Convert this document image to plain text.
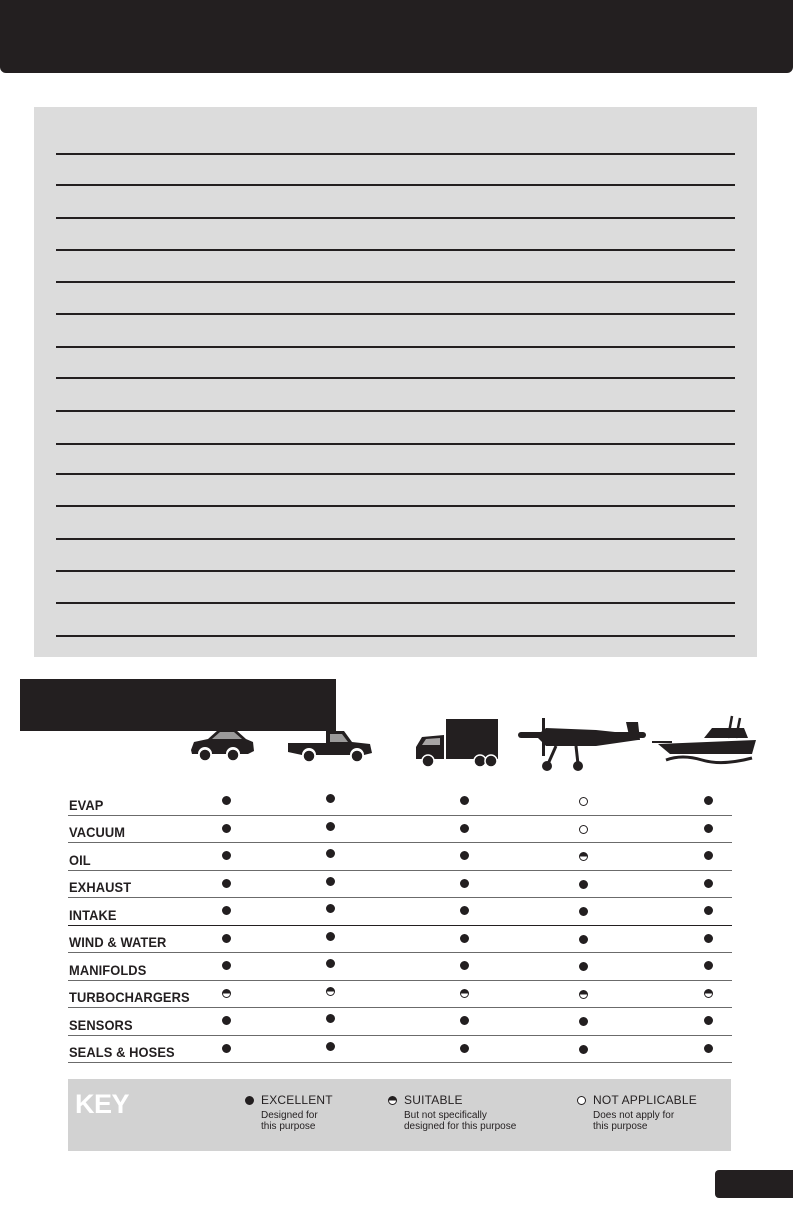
EVAP
VACUUM
OIL
EXHAUST
INTAKE
WIND & WATER
MANIFOLDS
TURBOCHARGERS
SENSORS
SEALS & HOSES
KEY	EXCELLENT
Designed for
this purpose
SUITABLE
But not specifically
designed for this purpose
NOT APPLICABLE
Does not apply for
this purpose
